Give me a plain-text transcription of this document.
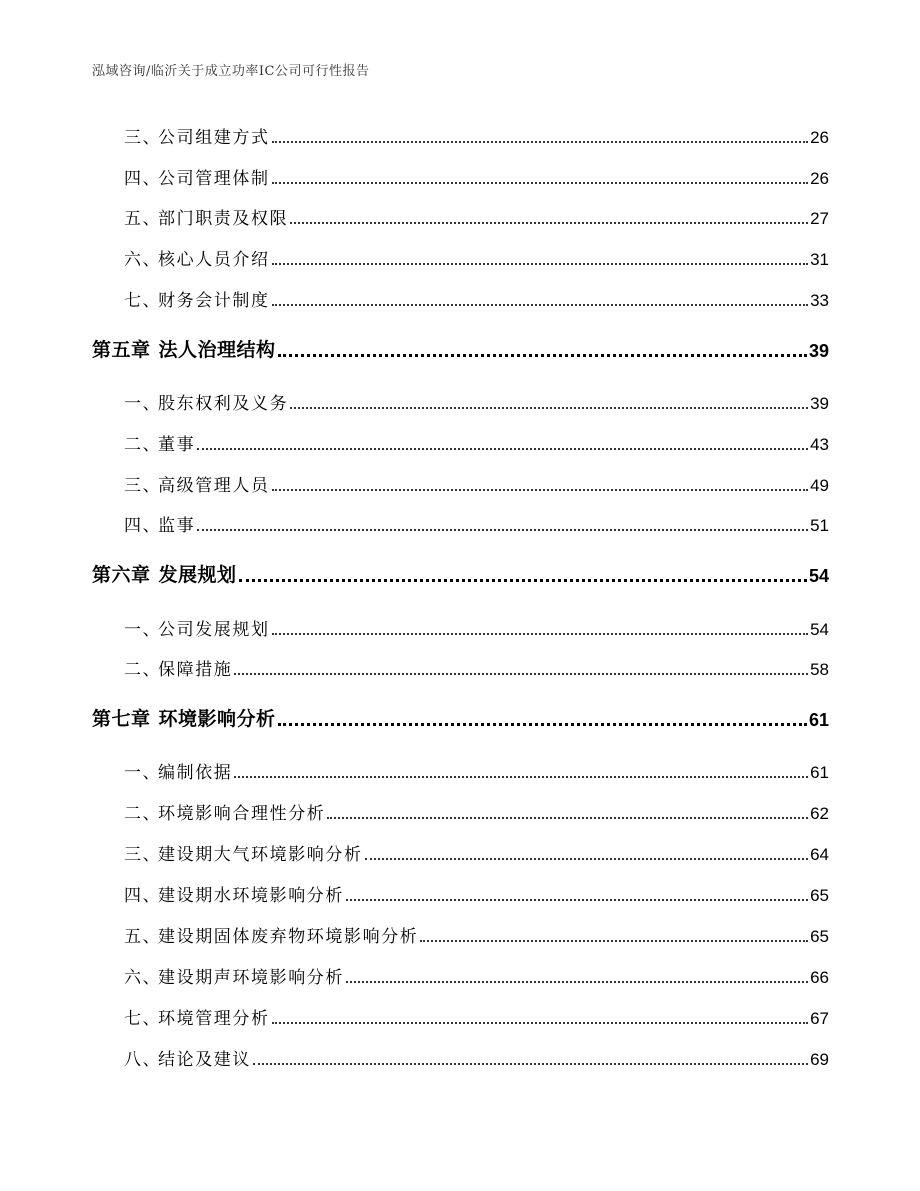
泓域咨询/临沂关于成立功率IC公司可行性报告
三、
公司组建方式	26
四、
公司管理体制	26
五、
部门职责及权限	27
六、
核心人员介绍	31
七、
财务会计制度	33
第五章 法人治理结构	39
一、
股东权利及义务	39
二、
董事	43
三、
高级管理人员	49
四、
监事	51
第六章 发展规划	54
一、
公司发展规划	54
二、
保障措施	58
第七章 环境影响分析	61
一、
编制依据	61
二、
环境影响合理性分析	62
三、
建设期大气环境影响分析	64
四、
建设期水环境影响分析	65
五、
建设期固体废弃物环境影响分析	65
六、
建设期声环境影响分析	66
七、
环境管理分析	67
八、
结论及建议	69
